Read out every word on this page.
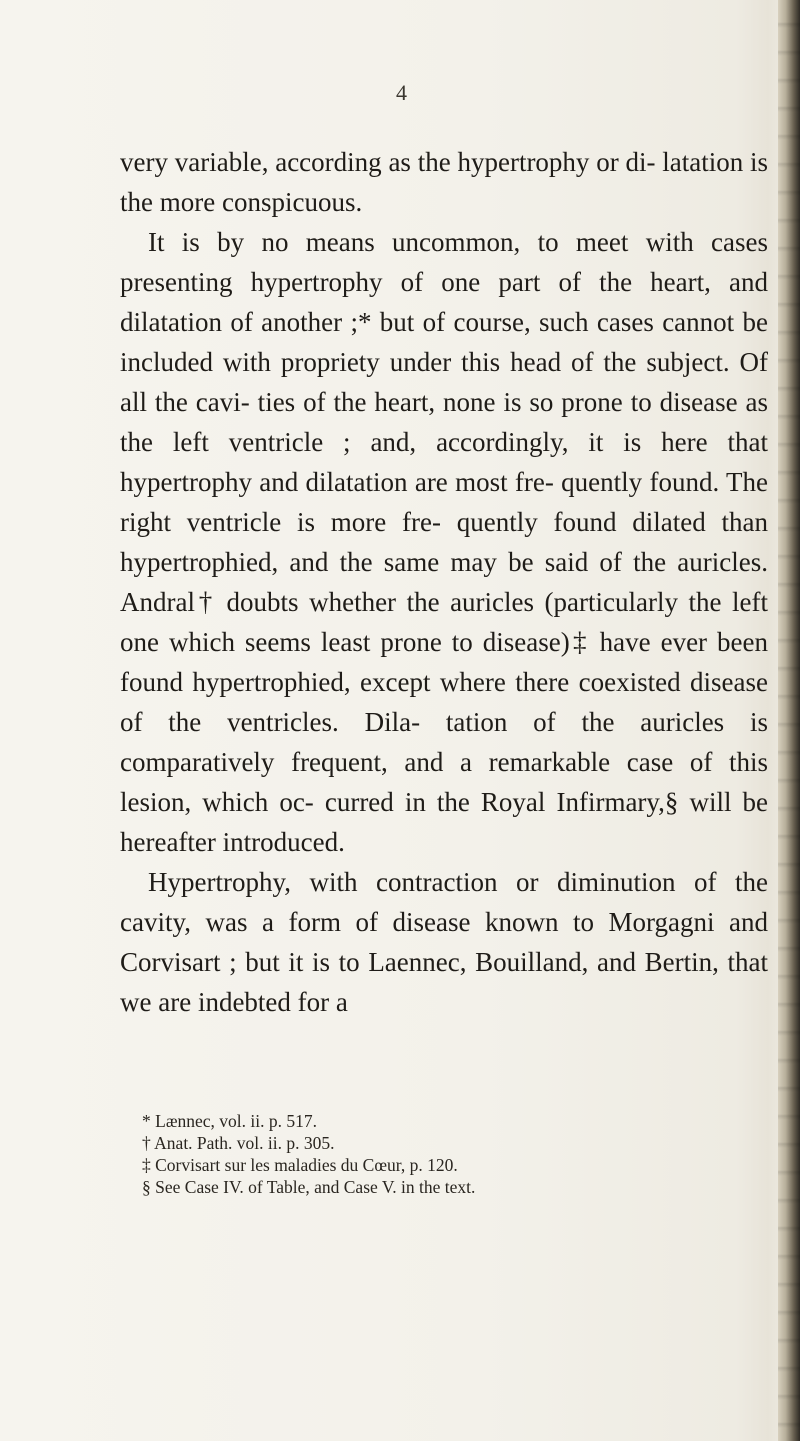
4

very variable, according as the hypertrophy or di- latation is the more conspicuous.

It is by no means uncommon, to meet with cases presenting hypertrophy of one part of the heart, and dilatation of another ;* but of course, such cases cannot be included with propriety under this head of the subject. Of all the cavi- ties of the heart, none is so prone to disease as the left ventricle ; and, accordingly, it is here that hypertrophy and dilatation are most fre- quently found. The right ventricle is more fre- quently found dilated than hypertrophied, and the same may be said of the auricles. Andral† doubts whether the auricles (particularly the left one which seems least prone to disease)‡ have ever been found hypertrophied, except where there coexisted disease of the ventricles. Dila- tation of the auricles is comparatively frequent, and a remarkable case of this lesion, which oc- curred in the Royal Infirmary,§ will be hereafter introduced.

Hypertrophy, with contraction or diminution of the cavity, was a form of disease known to Morgagni and Corvisart ; but it is to Laennec, Bouilland, and Bertin, that we are indebted for a

* Lænnec, vol. ii. p. 517.
† Anat. Path. vol. ii. p. 305.
‡ Corvisart sur les maladies du Cœur, p. 120.
§ See Case IV. of Table, and Case V. in the text.
